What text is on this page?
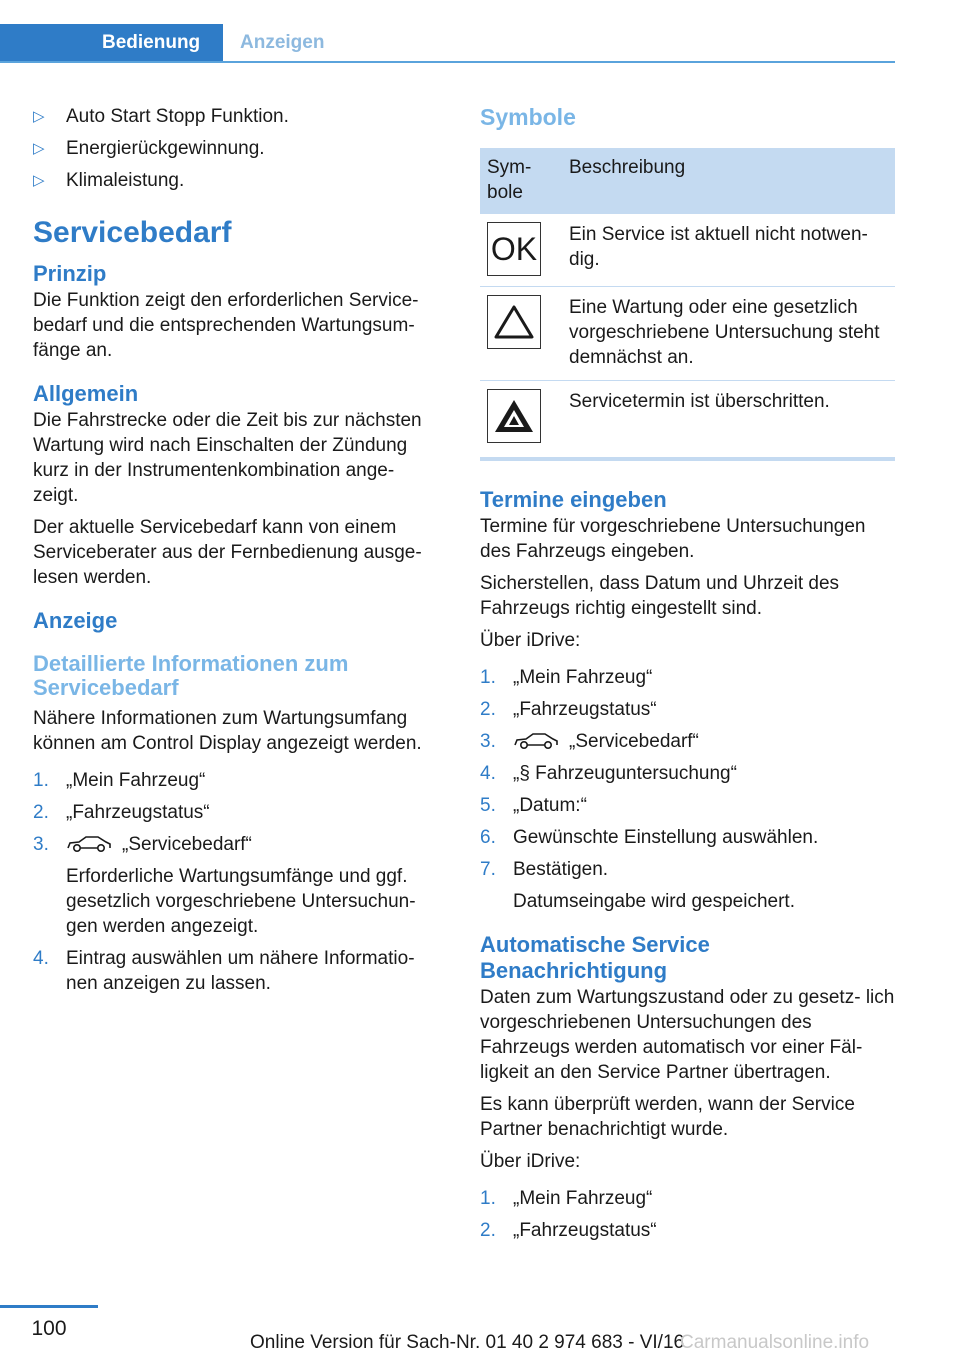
Bedienung	Anzeigen
▷ Auto Start Stopp Funktion.
▷ Energierückgewinnung.
▷ Klimaleistung.
Servicebedarf
Prinzip

Die Funktion zeigt den erforderlichen Service‐ bedarf und die entsprechenden Wartungsum‐ fänge an.

Allgemein

Die Fahrstrecke oder die Zeit bis zur nächsten Wartung wird nach Einschalten der Zündung kurz in der Instrumentenkombination ange‐ zeigt.

Der aktuelle Servicebedarf kann von einem Serviceberater aus der Fernbedienung ausge‐ lesen werden.

Anzeige
Detaillierte Informationen zum Servicebedarf

Nähere Informationen zum Wartungsumfang können am Control Display angezeigt werden.

1. „Mein Fahrzeug“
2. „Fahrzeugstatus“
3.	„Servicebedarf“
Erforderliche Wartungsumfänge und ggf. gesetzlich vorgeschriebene Untersuchun‐ gen werden angezeigt.
4. Eintrag auswählen um nähere Informatio‐ nen anzeigen zu lassen.
Symbole
Sym‐ bole	Beschreibung

OK	Ein Service ist aktuell nicht notwen‐ dig.

	Eine Wartung oder eine gesetzlich vorgeschriebene Untersuchung steht demnächst an.

	Servicetermin ist überschritten.
Termine eingeben

Termine für vorgeschriebene Untersuchungen des Fahrzeugs eingeben.

Sicherstellen, dass Datum und Uhrzeit des Fahrzeugs richtig eingestellt sind.

Über iDrive:

1. „Mein Fahrzeug“
2. „Fahrzeugstatus“
3.	„Servicebedarf“
4. „§ Fahrzeuguntersuchung“
5. „Datum:“
6. Gewünschte Einstellung auswählen.
7. Bestätigen.
Datumseingabe wird gespeichert.
Automatische Service Benachrichtigung

Daten zum Wartungszustand oder zu gesetz‐ lich vorgeschriebenen Untersuchungen des Fahrzeugs werden automatisch vor einer Fäl‐ ligkeit an den Service Partner übertragen.

Es kann überprüft werden, wann der Service Partner benachrichtigt wurde.

Über iDrive:

1. „Mein Fahrzeug“
2. „Fahrzeugstatus“
100
Online Version für Sach-Nr. 01 40 2 974 683 - VI/16
Carmanualsonline.info
